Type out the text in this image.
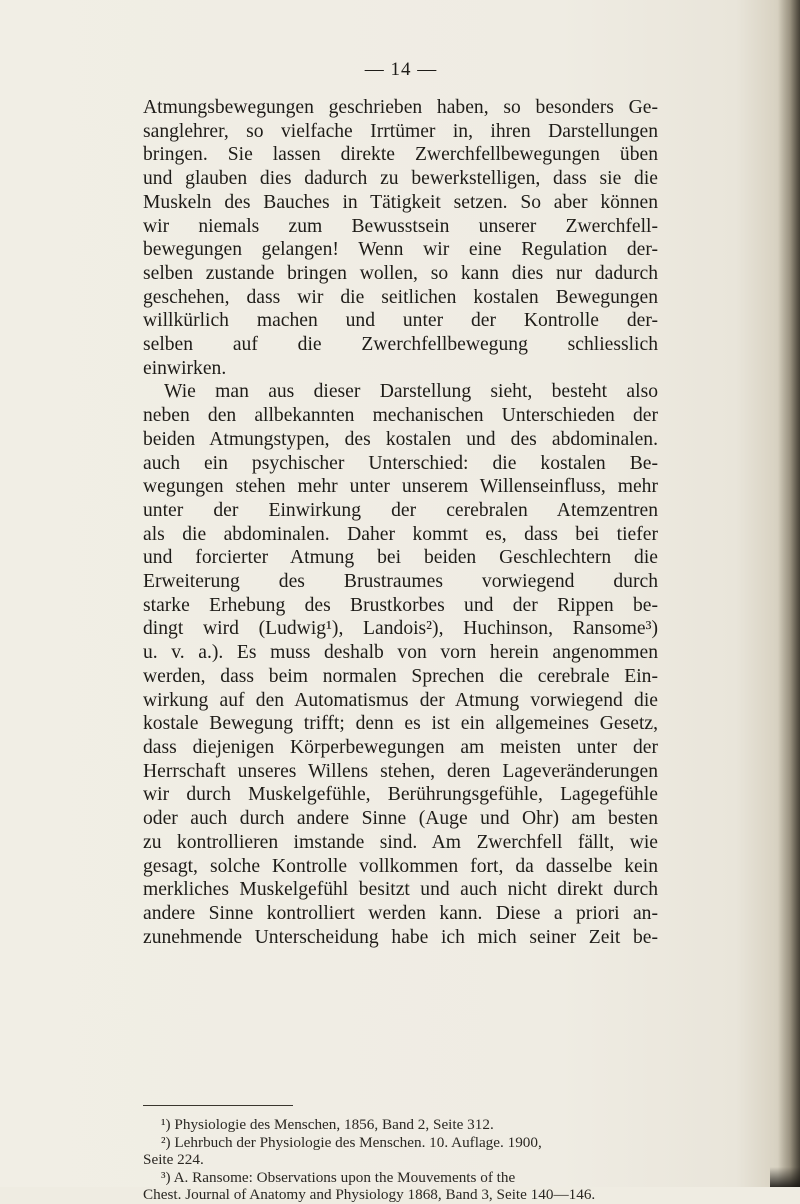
— 14 —
Atmungsbewegungen geschrieben haben, so besonders Ge-
sanglehrer, so vielfache Irrtümer in, ihren Darstellungen
bringen. Sie lassen direkte Zwerchfellbewegungen üben
und glauben dies dadurch zu bewerkstelligen, dass sie die
Muskeln des Bauches in Tätigkeit setzen. So aber können
wir niemals zum Bewusstsein unserer Zwerchfell-
bewegungen gelangen! Wenn wir eine Regulation der-
selben zustande bringen wollen, so kann dies nur dadurch
geschehen, dass wir die seitlichen kostalen Bewegungen
willkürlich machen und unter der Kontrolle der-
selben auf die Zwerchfellbewegung schliesslich
einwirken.
Wie man aus dieser Darstellung sieht, besteht also
neben den allbekannten mechanischen Unterschieden der
beiden Atmungstypen, des kostalen und des abdominalen.
auch ein psychischer Unterschied: die kostalen Be-
wegungen stehen mehr unter unserem Willenseinfluss, mehr
unter der Einwirkung der cerebralen Atemzentren
als die abdominalen. Daher kommt es, dass bei tiefer
und forcierter Atmung bei beiden Geschlechtern die
Erweiterung des Brustraumes vorwiegend durch
starke Erhebung des Brustkorbes und der Rippen be-
dingt wird (Ludwig¹), Landois²), Huchinson, Ransome³)
u. v. a.). Es muss deshalb von vorn herein angenommen
werden, dass beim normalen Sprechen die cerebrale Ein-
wirkung auf den Automatismus der Atmung vorwiegend die
kostale Bewegung trifft; denn es ist ein allgemeines Gesetz,
dass diejenigen Körperbewegungen am meisten unter der
Herrschaft unseres Willens stehen, deren Lageveränderungen
wir durch Muskelgefühle, Berührungsgefühle, Lagegefühle
oder auch durch andere Sinne (Auge und Ohr) am besten
zu kontrollieren imstande sind. Am Zwerchfell fällt, wie
gesagt, solche Kontrolle vollkommen fort, da dasselbe kein
merkliches Muskelgefühl besitzt und auch nicht direkt durch
andere Sinne kontrolliert werden kann. Diese a priori an-
zunehmende Unterscheidung habe ich mich seiner Zeit be-
¹) Physiologie des Menschen, 1856, Band 2, Seite 312.
²) Lehrbuch der Physiologie des Menschen. 10. Auflage. 1900,
Seite 224.
³) A. Ransome: Observations upon the Mouvements of the
Chest. Journal of Anatomy and Physiology 1868, Band 3, Seite 140—146.
